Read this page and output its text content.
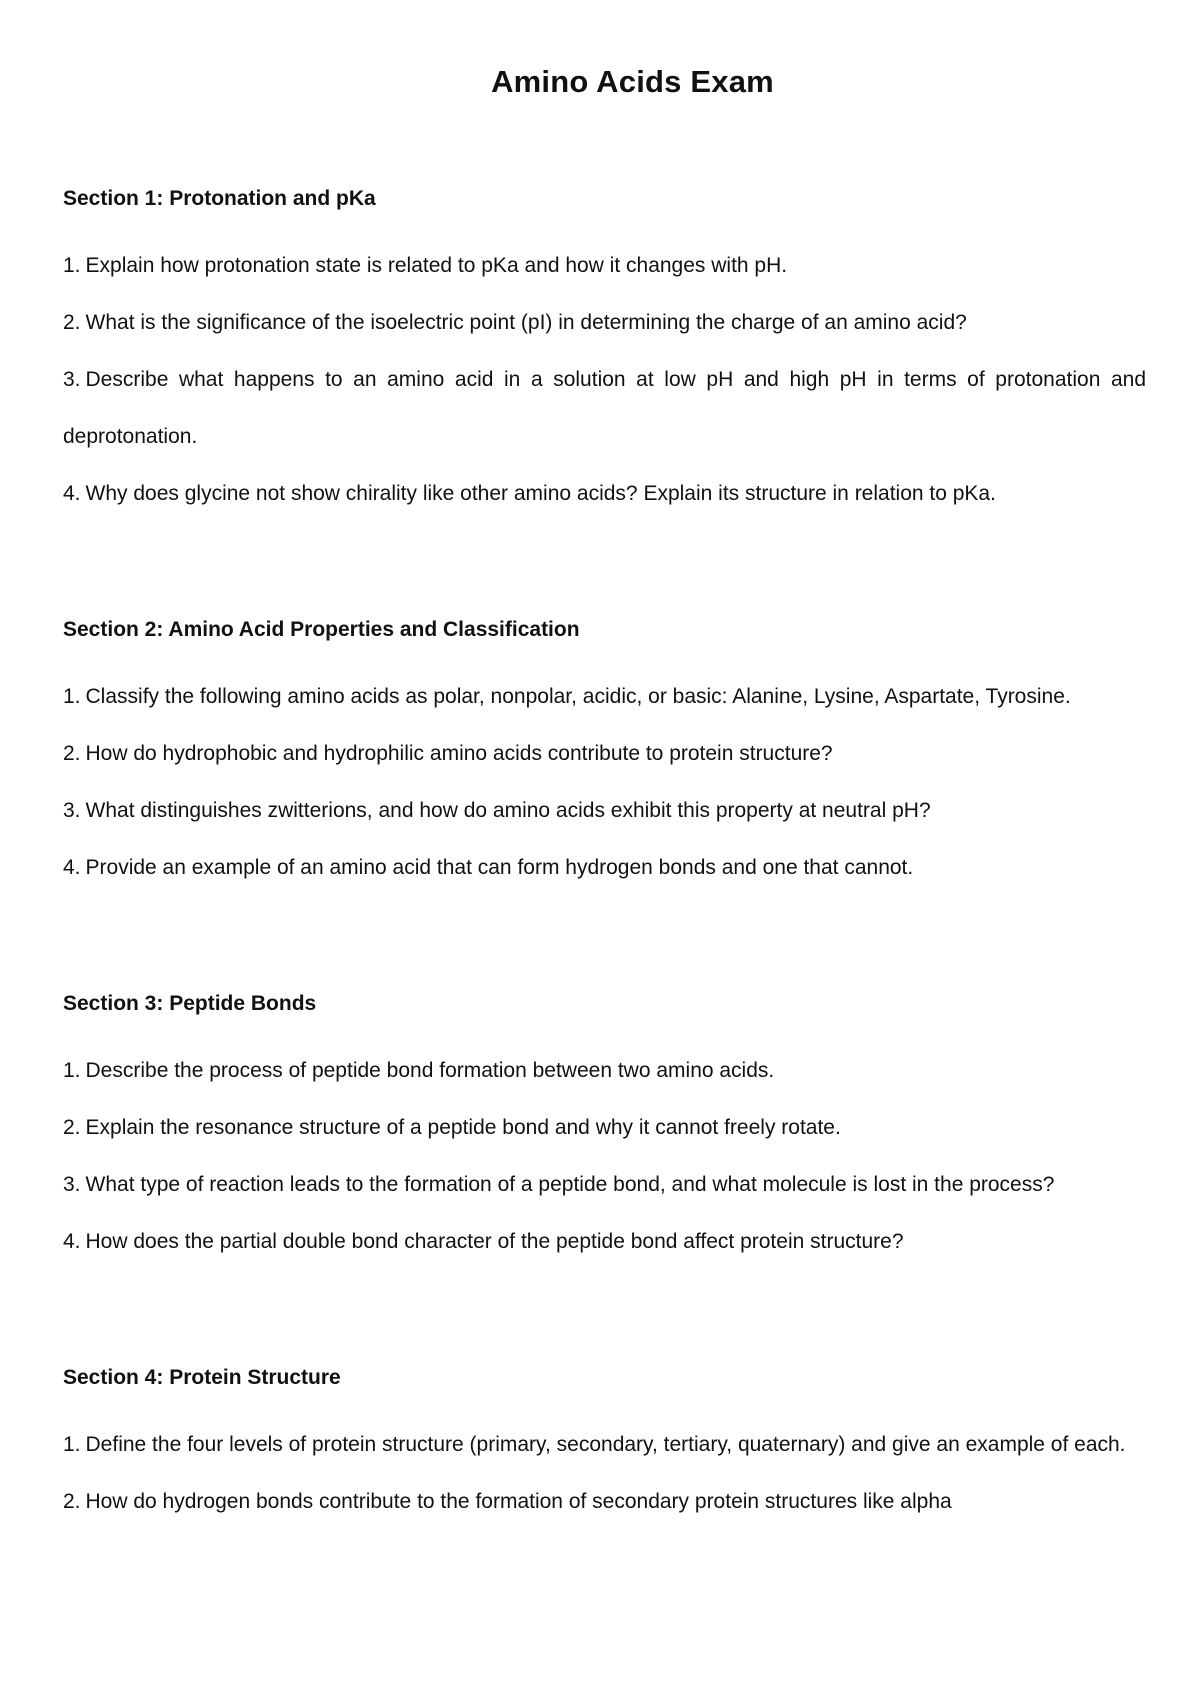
Amino Acids Exam
Section 1: Protonation and pKa
1. Explain how protonation state is related to pKa and how it changes with pH.
2. What is the significance of the isoelectric point (pI) in determining the charge of an amino acid?
3. Describe what happens to an amino acid in a solution at low pH and high pH in terms of protonation and deprotonation.
4. Why does glycine not show chirality like other amino acids? Explain its structure in relation to pKa.
Section 2: Amino Acid Properties and Classification
1. Classify the following amino acids as polar, nonpolar, acidic, or basic: Alanine, Lysine, Aspartate, Tyrosine.
2. How do hydrophobic and hydrophilic amino acids contribute to protein structure?
3. What distinguishes zwitterions, and how do amino acids exhibit this property at neutral pH?
4. Provide an example of an amino acid that can form hydrogen bonds and one that cannot.
Section 3: Peptide Bonds
1. Describe the process of peptide bond formation between two amino acids.
2. Explain the resonance structure of a peptide bond and why it cannot freely rotate.
3. What type of reaction leads to the formation of a peptide bond, and what molecule is lost in the process?
4. How does the partial double bond character of the peptide bond affect protein structure?
Section 4: Protein Structure
1. Define the four levels of protein structure (primary, secondary, tertiary, quaternary) and give an example of each.
2. How do hydrogen bonds contribute to the formation of secondary protein structures like alpha
